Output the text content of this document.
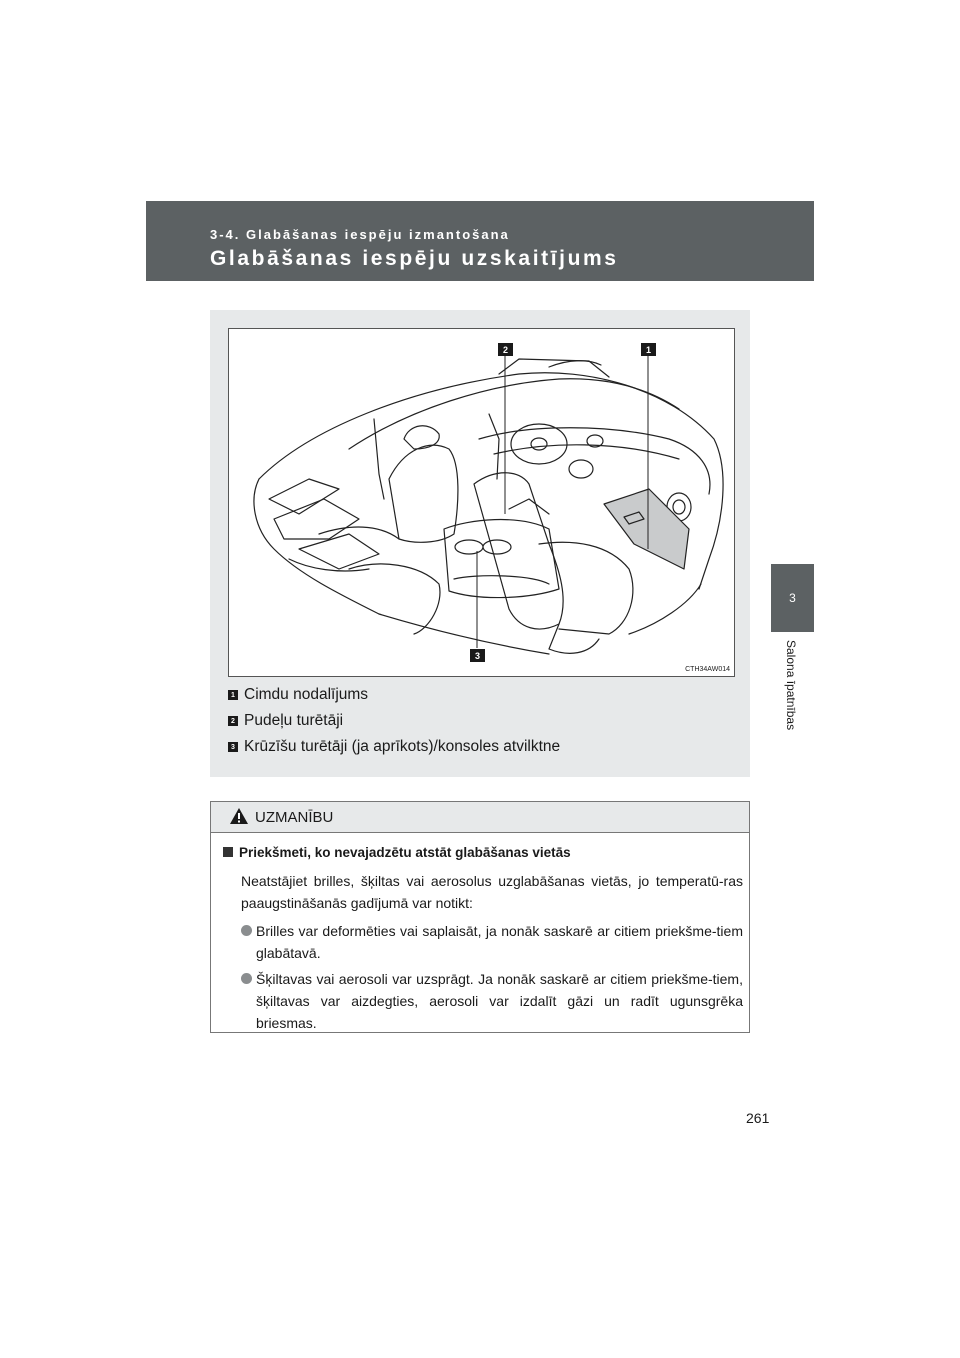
3-4. Glabāšanas iespēju izmantošana
Glabāšanas iespēju uzskaitījums
3
Salona īpatnības
1
2
3
CTH34AW014
1 Cimdu nodalījums
2 Pudeļu turētāji
3 Krūzīšu turētāji (ja aprīkots)/konsoles atvilktne
UZMANĪBU
Priekšmeti, ko nevajadzētu atstāt glabāšanas vietās

Neatstājiet brilles, šķiltas vai aerosolus uzglabāšanas vietās, jo temperatū-ras paaugstināšanās gadījumā var notikt:

Brilles var deformēties vai saplaisāt, ja nonāk saskarē ar citiem priekšme-tiem glabātavā.
Šķiltavas vai aerosoli var uzsprāgt. Ja nonāk saskarē ar citiem priekšme-tiem, šķiltavas var aizdegties, aerosoli var izdalīt gāzi un radīt ugunsgrēka briesmas.
261
